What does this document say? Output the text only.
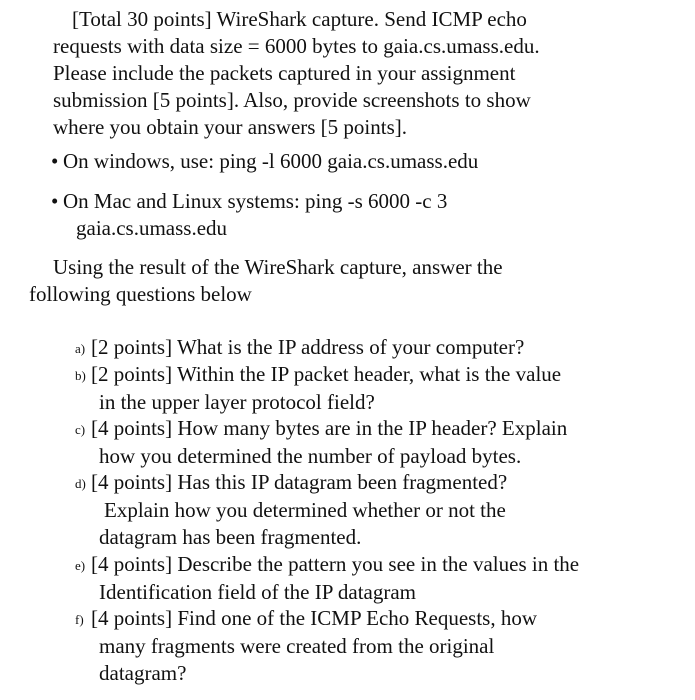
[Total 30 points] WireShark capture. Send ICMP echo
requests with data size = 6000 bytes to gaia.cs.umass.edu.
Please include the packets captured in your assignment
submission [5 points]. Also, provide screenshots to show
where you obtain your answers [5 points].
• On windows, use: ping -l 6000 gaia.cs.umass.edu
• On Mac and Linux systems: ping -s 6000 -c 3
gaia.cs.umass.edu
Using the result of the WireShark capture, answer the
following questions below
a) [2 points] What is the IP address of your computer?
b) [2 points] Within the IP packet header, what is the value
in the upper layer protocol field?
c) [4 points] How many bytes are in the IP header? Explain
how you determined the number of payload bytes.
d) [4 points] Has this IP datagram been fragmented?
Explain how you determined whether or not the
datagram has been fragmented.
e) [4 points] Describe the pattern you see in the values in the
Identification field of the IP datagram
f) [4 points] Find one of the ICMP Echo Requests, how
many fragments were created from the original
datagram?
